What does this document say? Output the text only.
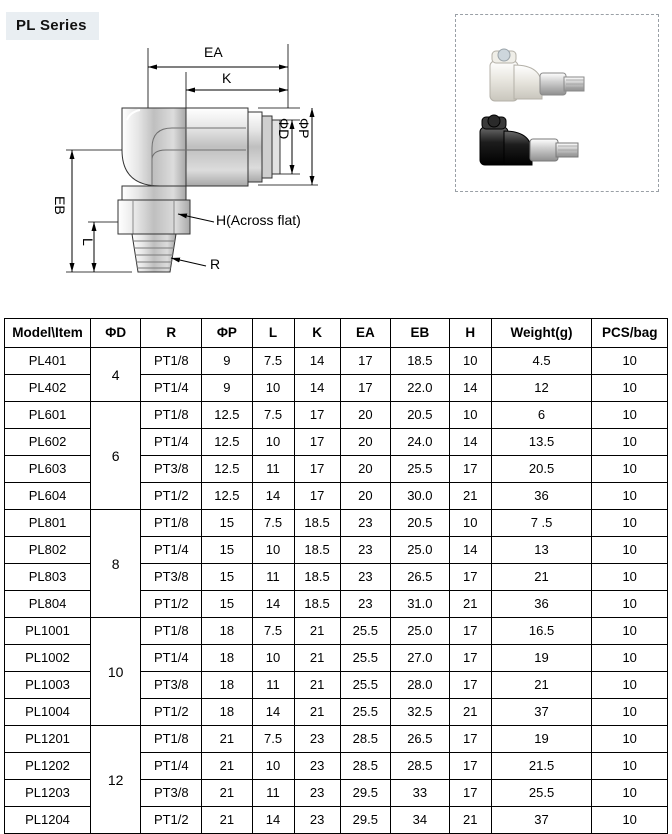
PL Series
EA
K
ΦD ΦP
EB
L
H(Across flat)
R
Model\Item	ΦD	R	ΦP	L	K	EA	EB	H	Weight(g)	PCS/bag
PL401	4	PT1/8	9	7.5	14	17	18.5	10	4.5	10
PL402		PT1/4	9	10	14	17	22.0	14	12	10
PL601	6	PT1/8	12.5	7.5	17	20	20.5	10	6	10
PL602		PT1/4	12.5	10	17	20	24.0	14	13.5	10
PL603		PT3/8	12.5	11	17	20	25.5	17	20.5	10
PL604		PT1/2	12.5	14	17	20	30.0	21	36	10
PL801	8	PT1/8	15	7.5	18.5	23	20.5	10	7 .5	10
PL802		PT1/4	15	10	18.5	23	25.0	14	13	10
PL803		PT3/8	15	11	18.5	23	26.5	17	21	10
PL804		PT1/2	15	14	18.5	23	31.0	21	36	10
PL1001	10	PT1/8	18	7.5	21	25.5	25.0	17	16.5	10
PL1002		PT1/4	18	10	21	25.5	27.0	17	19	10
PL1003		PT3/8	18	11	21	25.5	28.0	17	21	10
PL1004		PT1/2	18	14	21	25.5	32.5	21	37	10
PL1201	12	PT1/8	21	7.5	23	28.5	26.5	17	19	10
PL1202		PT1/4	21	10	23	28.5	28.5	17	21.5	10
PL1203		PT3/8	21	11	23	29.5	33	17	25.5	10
PL1204		PT1/2	21	14	23	29.5	34	21	37	10
